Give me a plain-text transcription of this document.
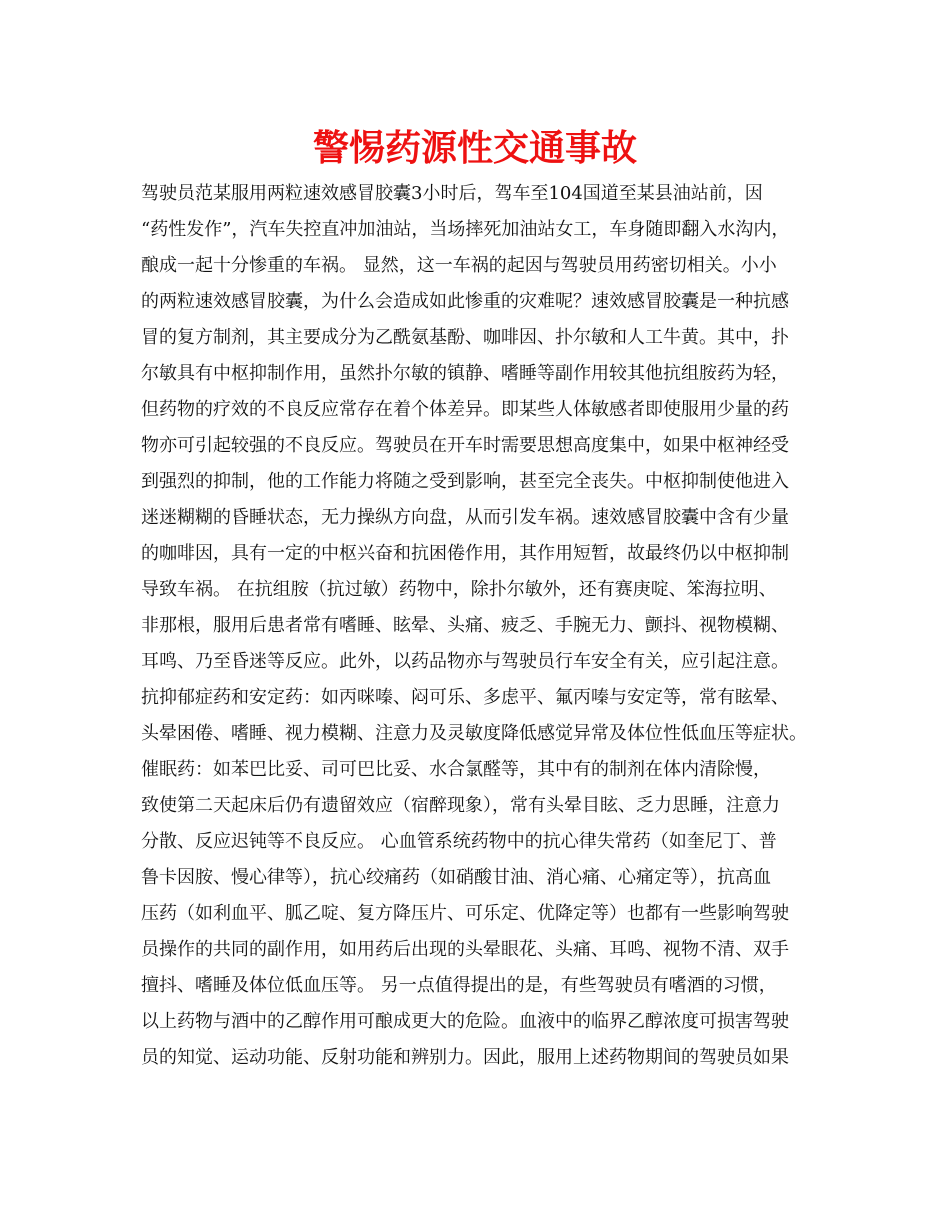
警惕药源性交通事故
驾驶员范某服用两粒速效感冒胶囊3小时后，驾车至104国道至某县油站前，因
“药性发作”，汽车失控直冲加油站，当场摔死加油站女工，车身随即翻入水沟内，
酿成一起十分惨重的车祸。 显然，这一车祸的起因与驾驶员用药密切相关。小小
的两粒速效感冒胶囊，为什么会造成如此惨重的灾难呢？速效感冒胶囊是一种抗感
冒的复方制剂，其主要成分为乙酰氨基酚、咖啡因、扑尔敏和人工牛黄。其中，扑
尔敏具有中枢抑制作用，虽然扑尔敏的镇静、嗜睡等副作用较其他抗组胺药为轻，
但药物的疗效的不良反应常存在着个体差异。即某些人体敏感者即使服用少量的药
物亦可引起较强的不良反应。驾驶员在开车时需要思想高度集中，如果中枢神经受
到强烈的抑制，他的工作能力将随之受到影响，甚至完全丧失。中枢抑制使他进入
迷迷糊糊的昏睡状态，无力操纵方向盘，从而引发车祸。速效感冒胶囊中含有少量
的咖啡因，具有一定的中枢兴奋和抗困倦作用，其作用短暂，故最终仍以中枢抑制
导致车祸。 在抗组胺（抗过敏）药物中，除扑尔敏外，还有赛庚啶、笨海拉明、
非那根，服用后患者常有嗜睡、眩晕、头痛、疲乏、手腕无力、颤抖、视物模糊、
耳鸣、乃至昏迷等反应。此外，以药品物亦与驾驶员行车安全有关，应引起注意。
抗抑郁症药和安定药：如丙咪嗪、闷可乐、多虑平、氟丙嗪与安定等，常有眩晕、
头晕困倦、嗜睡、视力模糊、注意力及灵敏度降低感觉异常及体位性低血压等症状。
催眠药：如苯巴比妥、司可巴比妥、水合氯醛等，其中有的制剂在体内清除慢，
致使第二天起床后仍有遗留效应（宿醉现象），常有头晕目眩、乏力思睡，注意力
分散、反应迟钝等不良反应。 心血管系统药物中的抗心律失常药（如奎尼丁、普
鲁卡因胺、慢心律等），抗心绞痛药（如硝酸甘油、消心痛、心痛定等），抗高血
压药（如利血平、胍乙啶、复方降压片、可乐定、优降定等）也都有一些影响驾驶
员操作的共同的副作用，如用药后出现的头晕眼花、头痛、耳鸣、视物不清、双手
擅抖、嗜睡及体位低血压等。 另一点值得提出的是，有些驾驶员有嗜酒的习惯，
以上药物与酒中的乙醇作用可酿成更大的危险。血液中的临界乙醇浓度可损害驾驶
员的知觉、运动功能、反射功能和辨别力。因此，服用上述药物期间的驾驶员如果
